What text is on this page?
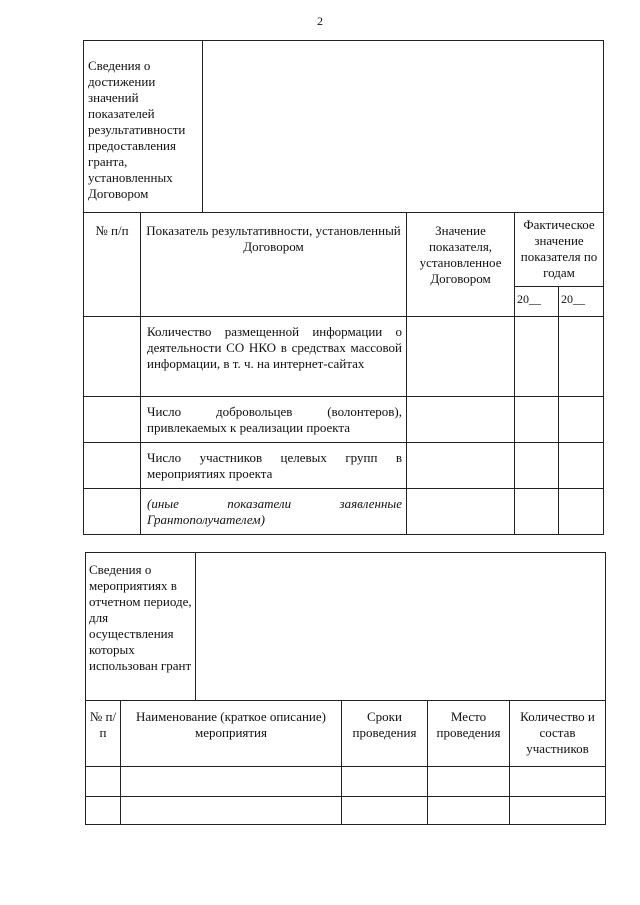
2
Сведения о достижении значений показателей результативности предоставления гранта, установленных Договором					
№ п/п	Показатель результативности, установленный Договором		Значение показателя, установленное Договором	Фактическое значение показателя по годам	
				20__	20__
	Количество размещенной информации о деятельности СО НКО в средствах массовой информации, в т. ч. на интернет-сайтах				
	Число добровольцев (волонтеров), привлекаемых к реализации проекта				
	Число участников целевых групп в мероприятиях проекта				
	(иные показатели заявленные Грантополучателем)				
Сведения о мероприятиях в отчетном периоде, для осуществления которых использован грант					
№ п/п	Наименование (краткое описание) мероприятия		Сроки проведения	Место проведения	Количество и состав участников
